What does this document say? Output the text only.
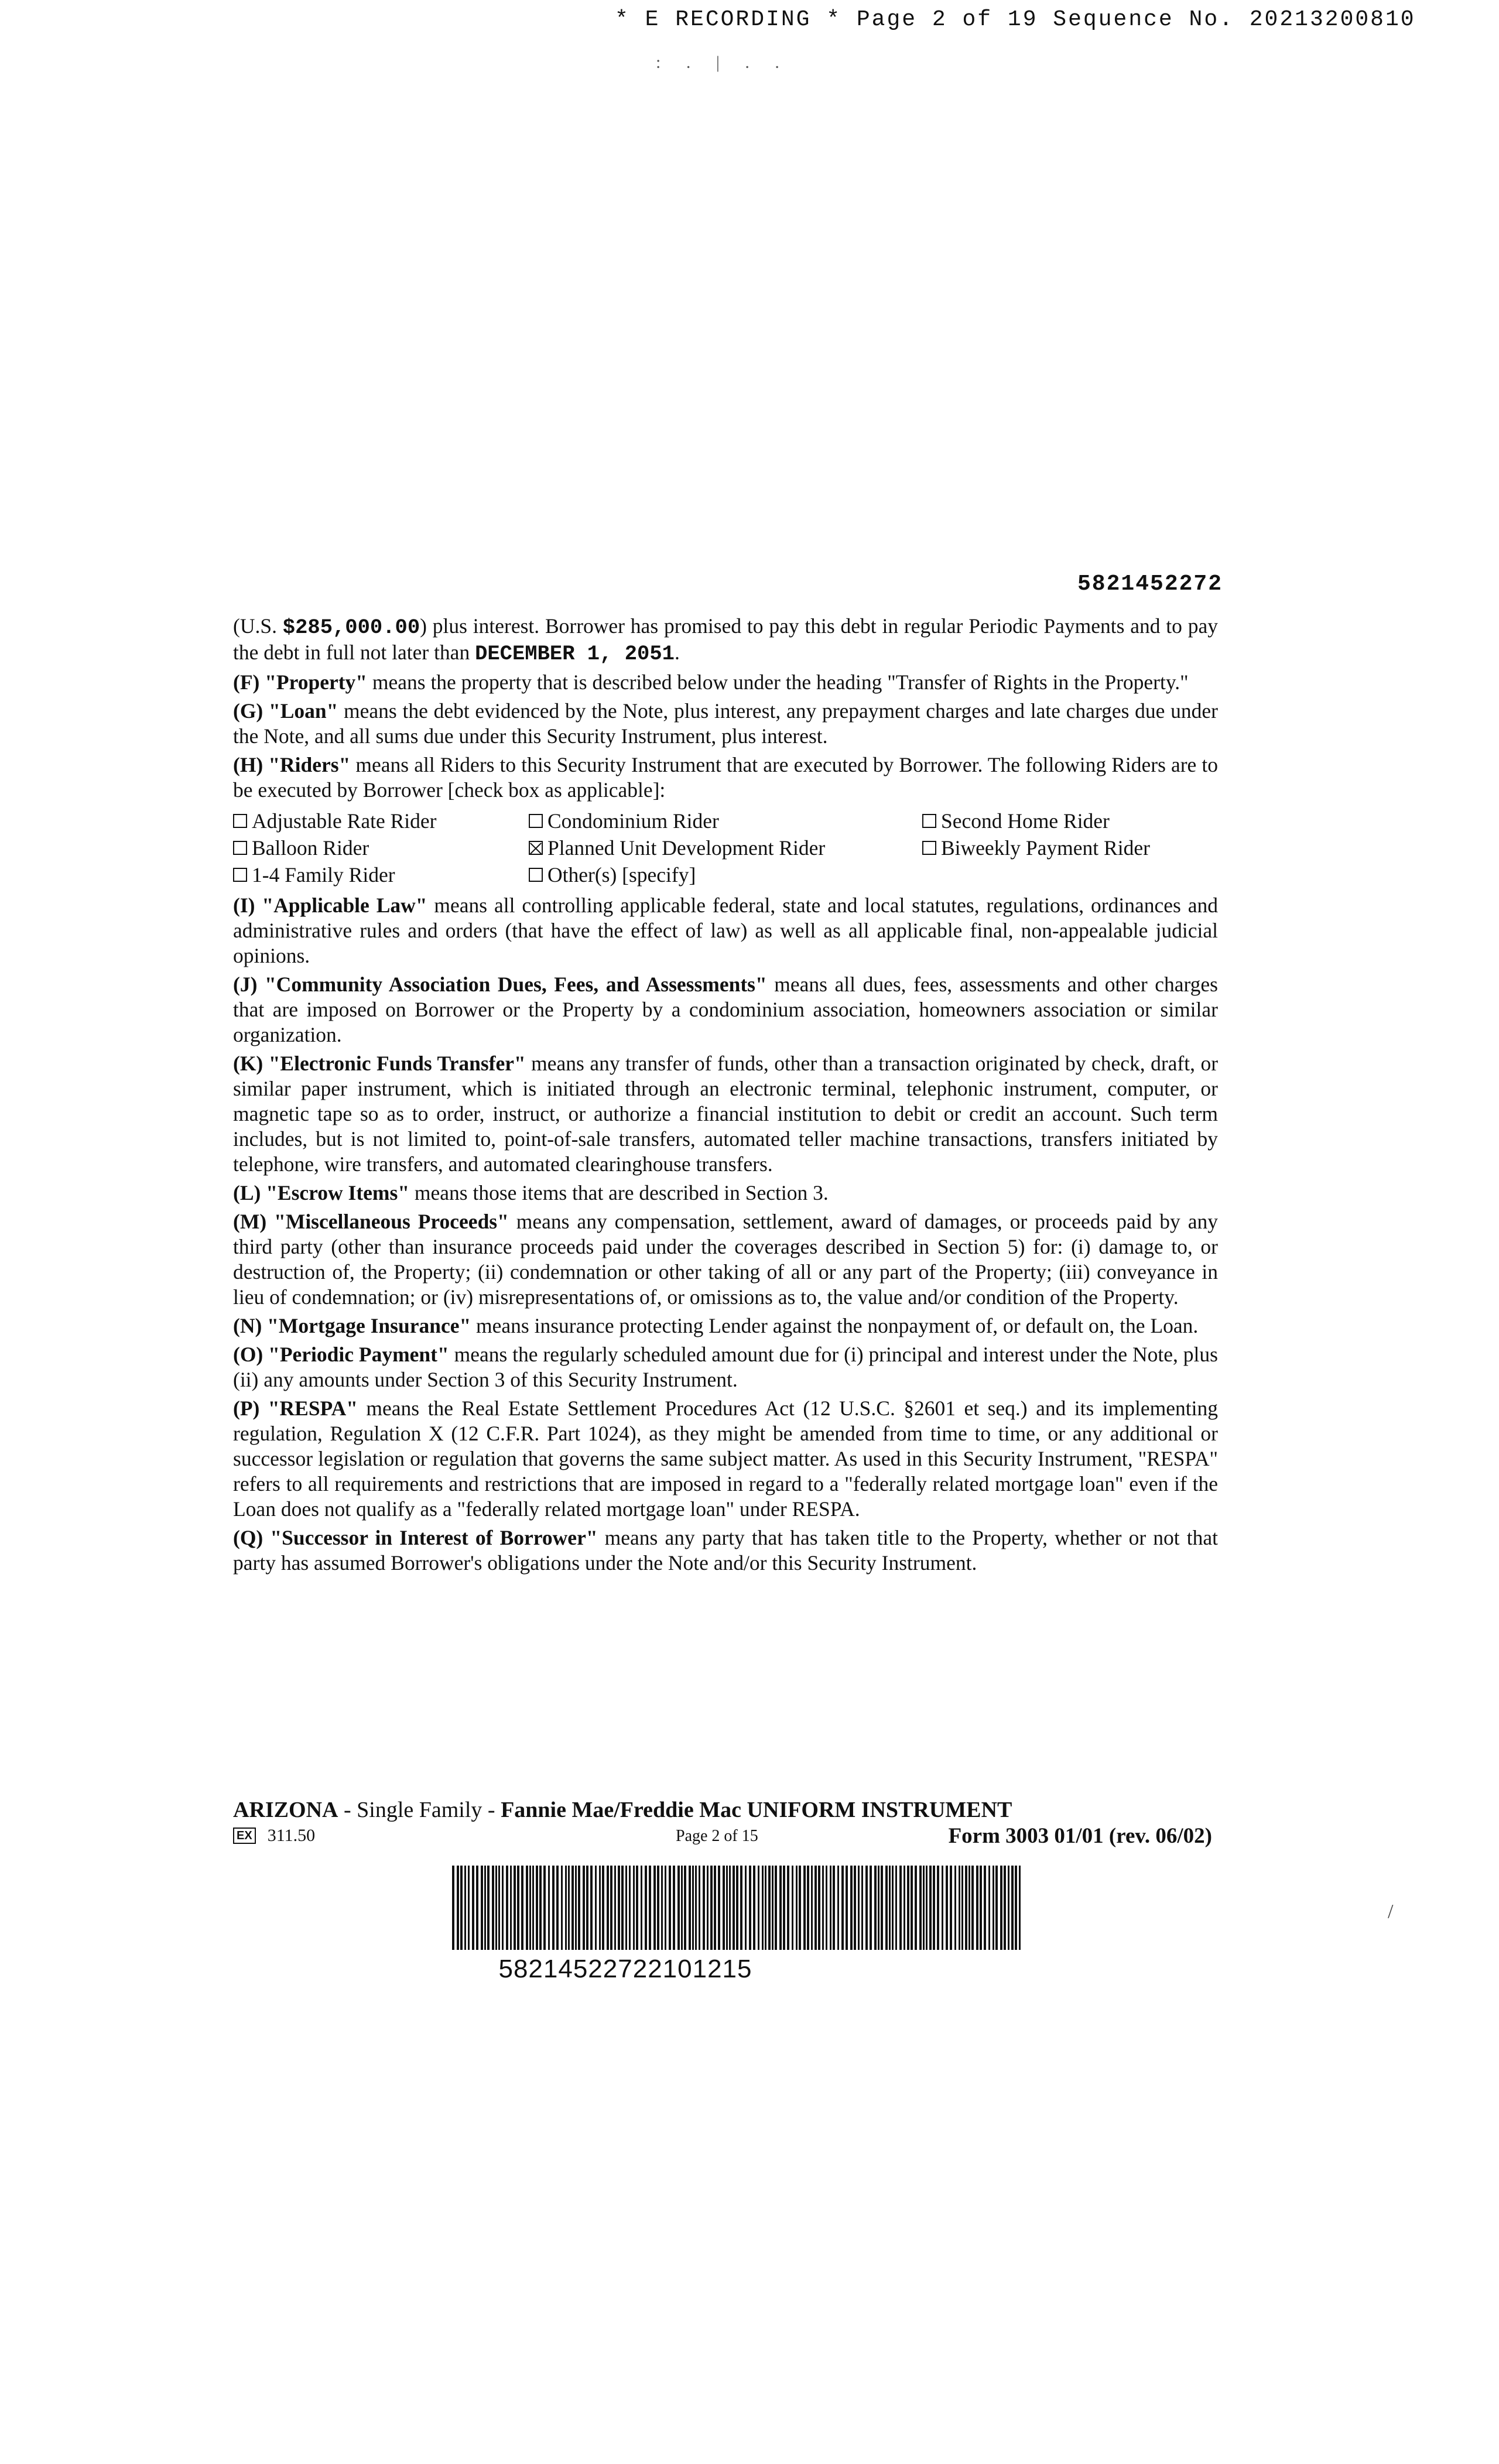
* E RECORDING * Page 2 of 19 Sequence No. 20213200810
: . | . .
5821452272

(U.S. $285,000.00) plus interest. Borrower has promised to pay this debt in regular Periodic Payments and to pay the debt in full not later than DECEMBER 1, 2051.

(F) "Property" means the property that is described below under the heading "Transfer of Rights in the Property."

(G) "Loan" means the debt evidenced by the Note, plus interest, any prepayment charges and late charges due under the Note, and all sums due under this Security Instrument, plus interest.

(H) "Riders" means all Riders to this Security Instrument that are executed by Borrower. The following Riders are to be executed by Borrower [check box as applicable]:

Adjustable Rate Rider	Condominium Rider	Second Home Rider
Balloon Rider	Planned Unit Development Rider	Biweekly Payment Rider
1-4 Family Rider	Other(s) [specify]

(I) "Applicable Law" means all controlling applicable federal, state and local statutes, regulations, ordinances and administrative rules and orders (that have the effect of law) as well as all applicable final, non-appealable judicial opinions.

(J) "Community Association Dues, Fees, and Assessments" means all dues, fees, assessments and other charges that are imposed on Borrower or the Property by a condominium association, homeowners association or similar organization.

(K) "Electronic Funds Transfer" means any transfer of funds, other than a transaction originated by check, draft, or similar paper instrument, which is initiated through an electronic terminal, telephonic instrument, computer, or magnetic tape so as to order, instruct, or authorize a financial institution to debit or credit an account. Such term includes, but is not limited to, point-of-sale transfers, automated teller machine transactions, transfers initiated by telephone, wire transfers, and automated clearinghouse transfers.

(L) "Escrow Items" means those items that are described in Section 3.

(M) "Miscellaneous Proceeds" means any compensation, settlement, award of damages, or proceeds paid by any third party (other than insurance proceeds paid under the coverages described in Section 5) for: (i) damage to, or destruction of, the Property; (ii) condemnation or other taking of all or any part of the Property; (iii) conveyance in lieu of condemnation; or (iv) misrepresentations of, or omissions as to, the value and/or condition of the Property.

(N) "Mortgage Insurance" means insurance protecting Lender against the nonpayment of, or default on, the Loan.

(O) "Periodic Payment" means the regularly scheduled amount due for (i) principal and interest under the Note, plus (ii) any amounts under Section 3 of this Security Instrument.

(P) "RESPA" means the Real Estate Settlement Procedures Act (12 U.S.C. §2601 et seq.) and its implementing regulation, Regulation X (12 C.F.R. Part 1024), as they might be amended from time to time, or any additional or successor legislation or regulation that governs the same subject matter. As used in this Security Instrument, "RESPA" refers to all requirements and restrictions that are imposed in regard to a "federally related mortgage loan" even if the Loan does not qualify as a "federally related mortgage loan" under RESPA.

(Q) "Successor in Interest of Borrower" means any party that has taken title to the Property, whether or not that party has assumed Borrower's obligations under the Note and/or this Security Instrument.

ARIZONA - Single Family - Fannie Mae/Freddie Mac UNIFORM INSTRUMENT
EX 311.50	Page 2 of 15	Form 3003 01/01 (rev. 06/02)
58214522722101215
/
